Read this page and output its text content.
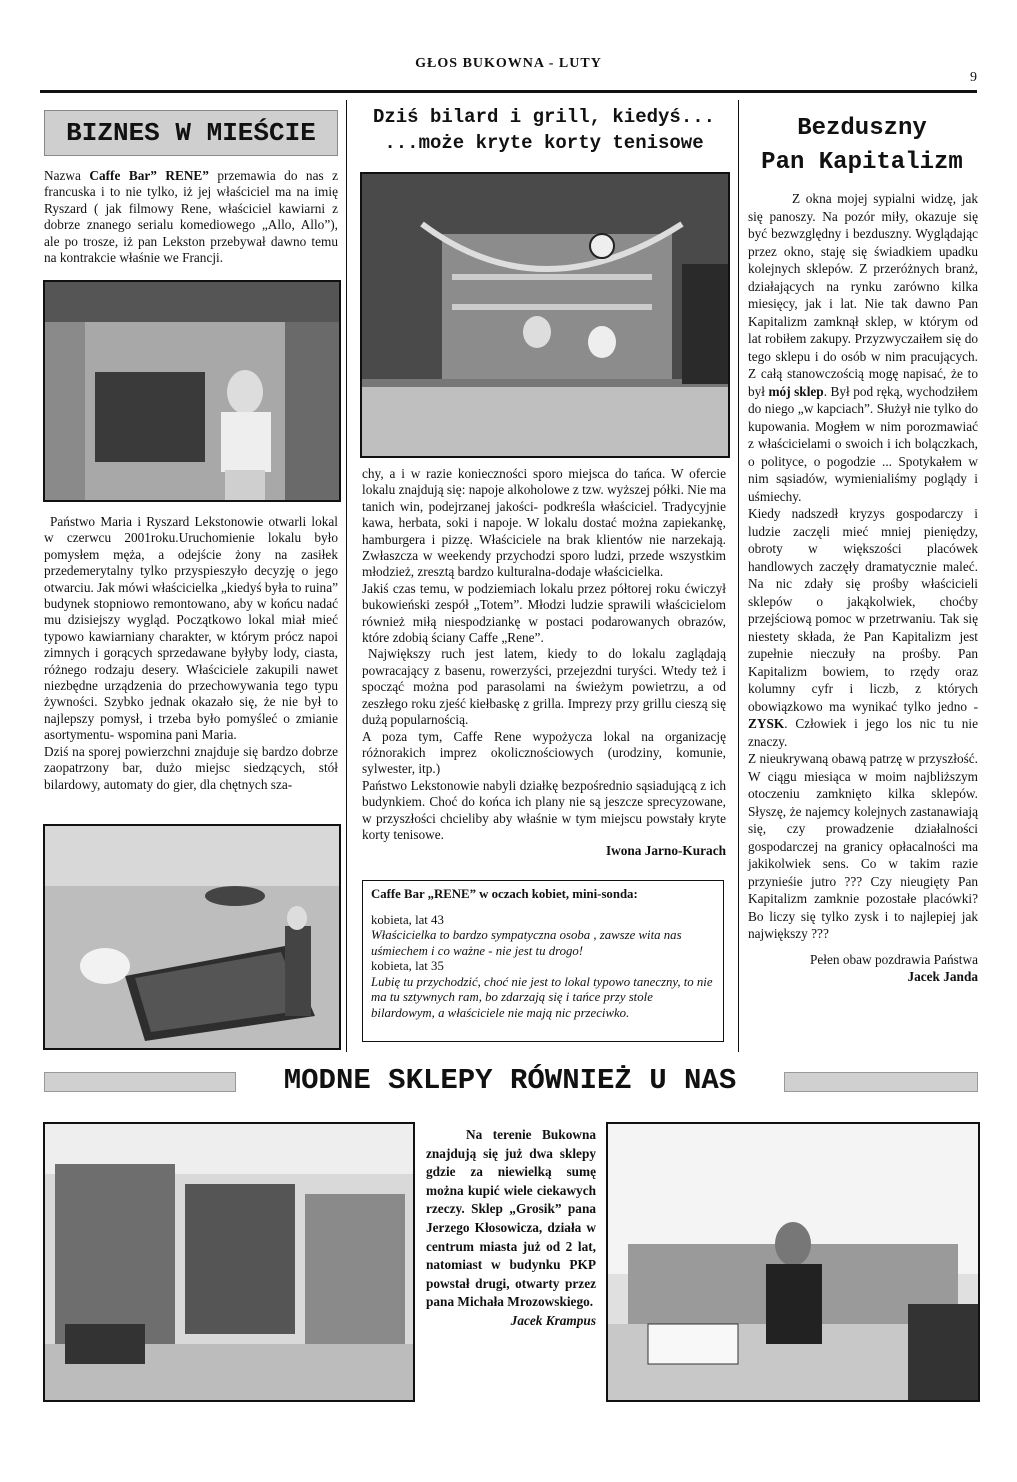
GŁOS BUKOWNA - LUTY
9
BIZNES W MIEŚCIE

Nazwa Caffe Bar” RENE” przemawia do nas z francuska i to nie tylko, iż jej właściciel ma na imię Ryszard ( jak filmowy Rene, właściciel kawiarni z dobrze znanego serialu komediowego „Allo, Allo”), ale po trosze, iż pan Lekston przebywał dawno temu na kontrakcie właśnie we Francji.

Państwo Maria i Ryszard Lekstonowie otwarli lokal w czerwcu 2001roku.Uruchomienie lokalu było pomysłem męża, a odejście żony na zasiłek przedemerytalny tylko przyspieszyło decyzję o jego otwarciu. Jak mówi właścicielka „kiedyś była to ruina” budynek stopniowo remontowano, aby w końcu nadać mu dzisiejszy wygląd. Początkowo lokal miał mieć typowo kawiarniany charakter, w którym prócz napoi zimnych i gorących sprzedawane byłyby lody, ciasta, różnego rodzaju desery. Właściciele zakupili nawet niezbędne urządzenia do przechowywania tego typu żywności. Szybko jednak okazało się, że nie był to najlepszy pomysł, i trzeba było pomyśleć o zmianie asortymentu- wspomina pani Maria.

Dziś na sporej powierzchni znajduje się bardzo dobrze zaopatrzony bar, dużo miejsc siedzących, stół bilardowy, automaty do gier, dla chętnych sza-

Dziś bilard i grill, kiedyś...
...może kryte korty tenisowe

chy, a i w razie konieczności sporo miejsca do tańca. W ofercie lokalu znajdują się: napoje alkoholowe z tzw. wyższej półki. Nie ma tanich win, podejrzanej jakości- podkreśla właściciel. Tradycyjnie kawa, herbata, soki i napoje. W lokalu dostać można zapiekankę, hamburgera i pizzę. Właściciele na brak klientów nie narzekają. Zwłaszcza w weekendy przychodzi sporo ludzi, przede wszystkim młodzież, zresztą bardzo kulturalna-dodaje właścicielka.

Jakiś czas temu, w podziemiach lokalu przez półtorej roku ćwiczył bukowieński zespół „Totem”. Młodzi ludzie sprawili właścicielom również miłą niespodziankę w postaci podarowanych obrazów, które zdobią ściany Caffe „Rene”.

Największy ruch jest latem, kiedy to do lokalu zaglądają powracający z basenu, rowerzyści, przejezdni turyści. Wtedy też i spocząć można pod parasolami na świeżym powietrzu, a od zeszłego roku zjeść kiełbaskę z grilla. Imprezy przy grillu cieszą się dużą popularnością.

A poza tym, Caffe Rene wypożycza lokal na organizację różnorakich imprez okolicznościowych (urodziny, komunie, sylwester, itp.)

Państwo Lekstonowie nabyli działkę bezpośrednio sąsiadującą z ich budynkiem. Choć do końca ich plany nie są jeszcze sprecyzowane, w przyszłości chcieliby aby właśnie w tym miejscu powstały kryte korty tenisowe.

Iwona Jarno-Kurach

Caffe Bar „RENE” w oczach kobiet, mini-sonda:
kobieta, lat 43
Właścicielka to bardzo sympatyczna osoba , zawsze wita nas uśmiechem i co ważne - nie jest tu drogo!
kobieta, lat 35
Lubię tu przychodzić, choć nie jest to lokal typowo taneczny, to nie ma tu sztywnych ram, bo zdarzają się i tańce przy stole bilardowym, a właściciele nie mają nic przeciwko.
Bezduszny
Pan Kapitalizm

Z okna mojej sypialni widzę, jak się panoszy. Na pozór miły, okazuje się być bezwzględny i bezduszny. Wyglądając przez okno, staję się świadkiem upadku kolejnych sklepów. Z przeróżnych branż, działających na rynku zarówno kilka miesięcy, jak i lat. Nie tak dawno Pan Kapitalizm zamknął sklep, w którym od lat robiłem zakupy. Przyzwyczaiłem się do tego sklepu i do osób w nim pracujących. Z całą stanowczością mogę napisać, że to był mój sklep. Był pod ręką, wychodziłem do niego „w kapciach”. Służył nie tylko do kupowania. Mogłem w nim porozmawiać z właścicielami o swoich i ich bolączkach, o polityce, o pogodzie ... Spotykałem w nim sąsiadów, wymienialiśmy poglądy i uśmiechy.

Kiedy nadszedł kryzys gospodarczy i ludzie zaczęli mieć mniej pieniędzy, obroty w większości placówek handlowych zaczęły dramatycznie maleć. Na nic zdały się prośby właścicieli sklepów o jakąkolwiek, choćby przejściową pomoc w przetrwaniu. Tak się niestety składa, że Pan Kapitalizm jest zupełnie nieczuły na prośby. Pan Kapitalizm bowiem, to rzędy oraz kolumny cyfr i liczb, z których obowiązkowo ma wynikać tylko jedno - ZYSK. Człowiek i jego los nic tu nie znaczy.

Z nieukrywaną obawą patrzę w przyszłość. W ciągu miesiąca w moim najbliższym otoczeniu zamknięto kilka sklepów. Słyszę, że najemcy kolejnych zastanawiają się, czy prowadzenie działalności gospodarczej na granicy opłacalności ma jakikolwiek sens. Co w takim razie przynieśie jutro ??? Czy nieugięty Pan Kapitalizm zamknie pozostałe placówki? Bo liczy się tylko zysk i to najlepiej jak największy ???

Pełen obaw pozdrawia Państwa

Jacek Janda

MODNE SKLEPY RÓWNIEŻ U NAS
Na terenie Bukowna znajdują się już dwa sklepy gdzie za niewielką sumę można kupić wiele ciekawych rzeczy. Sklep „Grosik” pana Jerzego Kłosowicza, działa w centrum miasta już od 2 lat, natomiast w budynku PKP powstał drugi, otwarty przez pana Michała Mrozowskiego.
Jacek Krampus
